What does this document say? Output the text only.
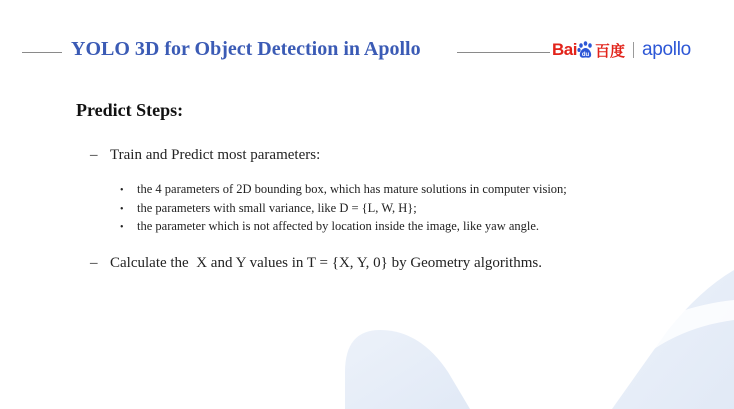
YOLO 3D for Object Detection in Apollo	Bai du 百度 apollo
Predict Steps:
– Train and Predict most parameters:
• the 4 parameters of 2D bounding box, which has mature solutions in computer vision;
• the parameters with small variance, like D = {L, W, H};
• the parameter which is not affected by location inside the image, like yaw angle.
– Calculate the  X and Y values in T = {X, Y, 0} by Geometry algorithms.
